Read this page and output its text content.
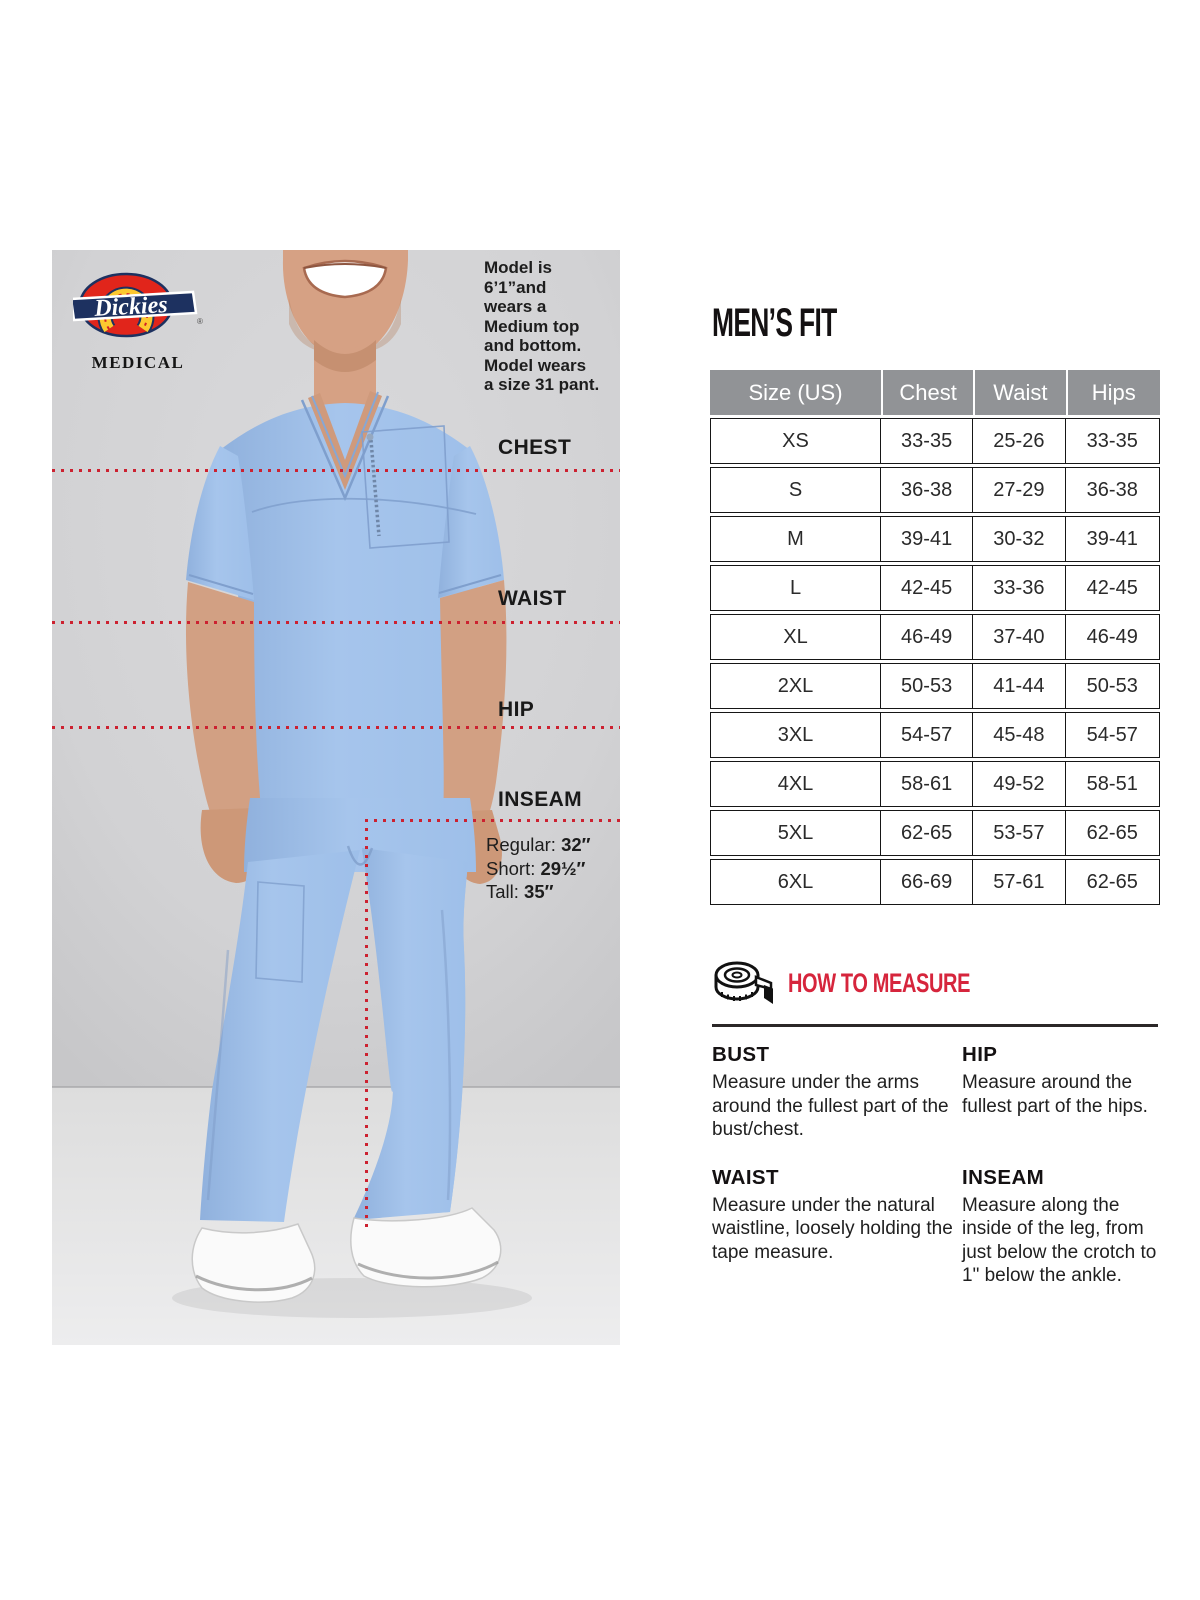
Dickies	®
MEDICAL
Model is
6’1”and
wears a
Medium top
and bottom.
Model wears
a size 31 pant.
CHEST
WAIST
HIP
INSEAM
Regular: 32″
Short: 29½″
Tall: 35″
MEN’S FIT
Size (US)	Chest	Waist	Hips
XS	33-35	25-26	33-35
S	36-38	27-29	36-38
M	39-41	30-32	39-41
L	42-45	33-36	42-45
XL	46-49	37-40	46-49
2XL	50-53	41-44	50-53
3XL	54-57	45-48	54-57
4XL	58-61	49-52	58-51
5XL	62-65	53-57	62-65
6XL	66-69	57-61	62-65
HOW TO MEASURE
BUST

Measure under the arms around the fullest part of the bust/chest.

WAIST

Measure under the natural waistline, loosely holding the tape measure.

HIP

Measure around the fullest part of the hips.

INSEAM

Measure along the inside of the leg, from just below the crotch to 1" below the ankle.
